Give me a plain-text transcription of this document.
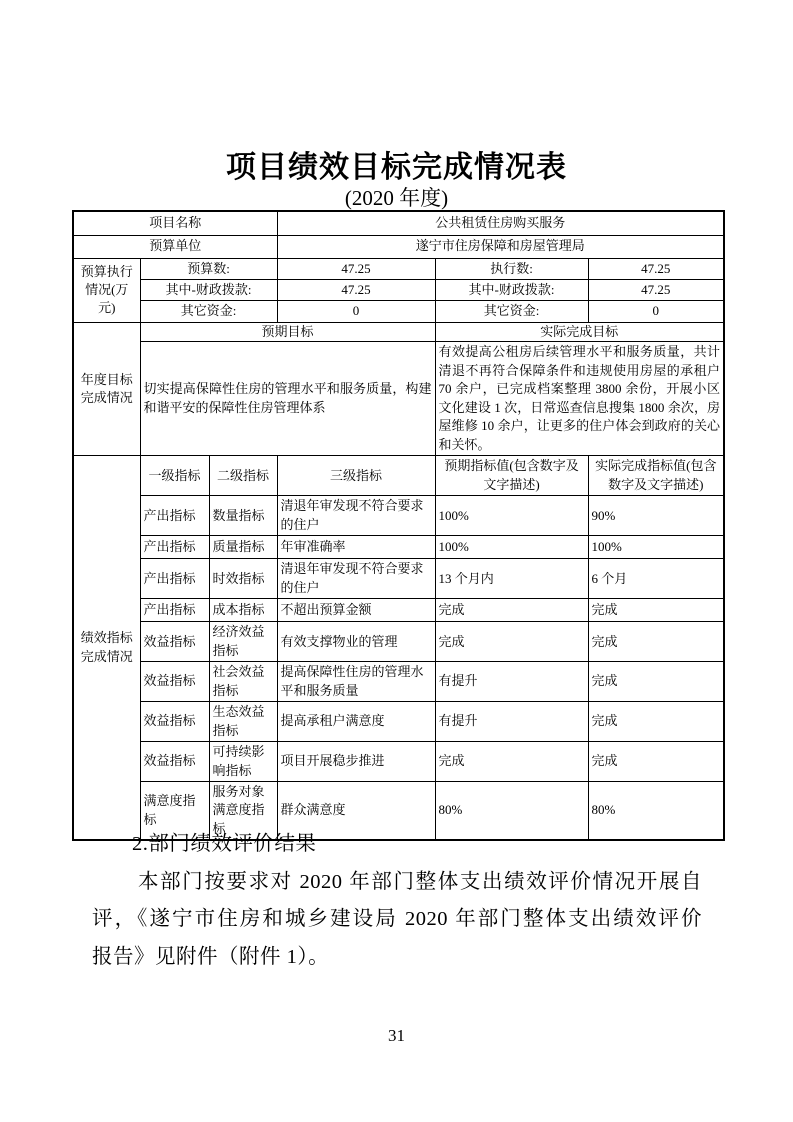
项目绩效目标完成情况表
(2020 年度)
项目名称			公共租赁住房购买服务		
预算单位			遂宁市住房保障和房屋管理局		
预算执行情况(万元)	预算数:		47.25	执行数:	47.25
	其中-财政拨款:		47.25	其中-财政拨款:	47.25
	其它资金:		0	其它资金:	0
年度目标完成情况	预期目标			实际完成目标	
	切实提高保障性住房的管理水平和服务质量，构建和谐平安的保障性住房管理体系			有效提高公租房后续管理水平和服务质量，共计清退不再符合保障条件和违规使用房屋的承租户 70 余户，已完成档案整理 3800 余份，开展小区文化建设 1 次，日常巡查信息搜集 1800 余次，房屋维修 10 余户，让更多的住户体会到政府的关心和关怀。	
绩效指标完成情况	一级指标	二级指标	三级指标	预期指标值(包含数字及文字描述)	实际完成指标值(包含数字及文字描述)
	产出指标	数量指标	清退年审发现不符合要求的住户	100%	90%
	产出指标	质量指标	年审准确率	100%	100%
	产出指标	时效指标	清退年审发现不符合要求的住户	13 个月内	6 个月
	产出指标	成本指标	不超出预算金额	完成	完成
	效益指标	经济效益指标	有效支撑物业的管理	完成	完成
	效益指标	社会效益指标	提高保障性住房的管理水平和服务质量	有提升	完成
	效益指标	生态效益指标	提高承租户满意度	有提升	完成
	效益指标	可持续影响指标	项目开展稳步推进	完成	完成
	满意度指标	服务对象满意度指标	群众满意度	80%	80%
2.部门绩效评价结果
本部门按要求对 2020 年部门整体支出绩效评价情况开展自
评，《遂宁市住房和城乡建设局 2020 年部门整体支出绩效评价
报告》见附件（附件 1）。
31
